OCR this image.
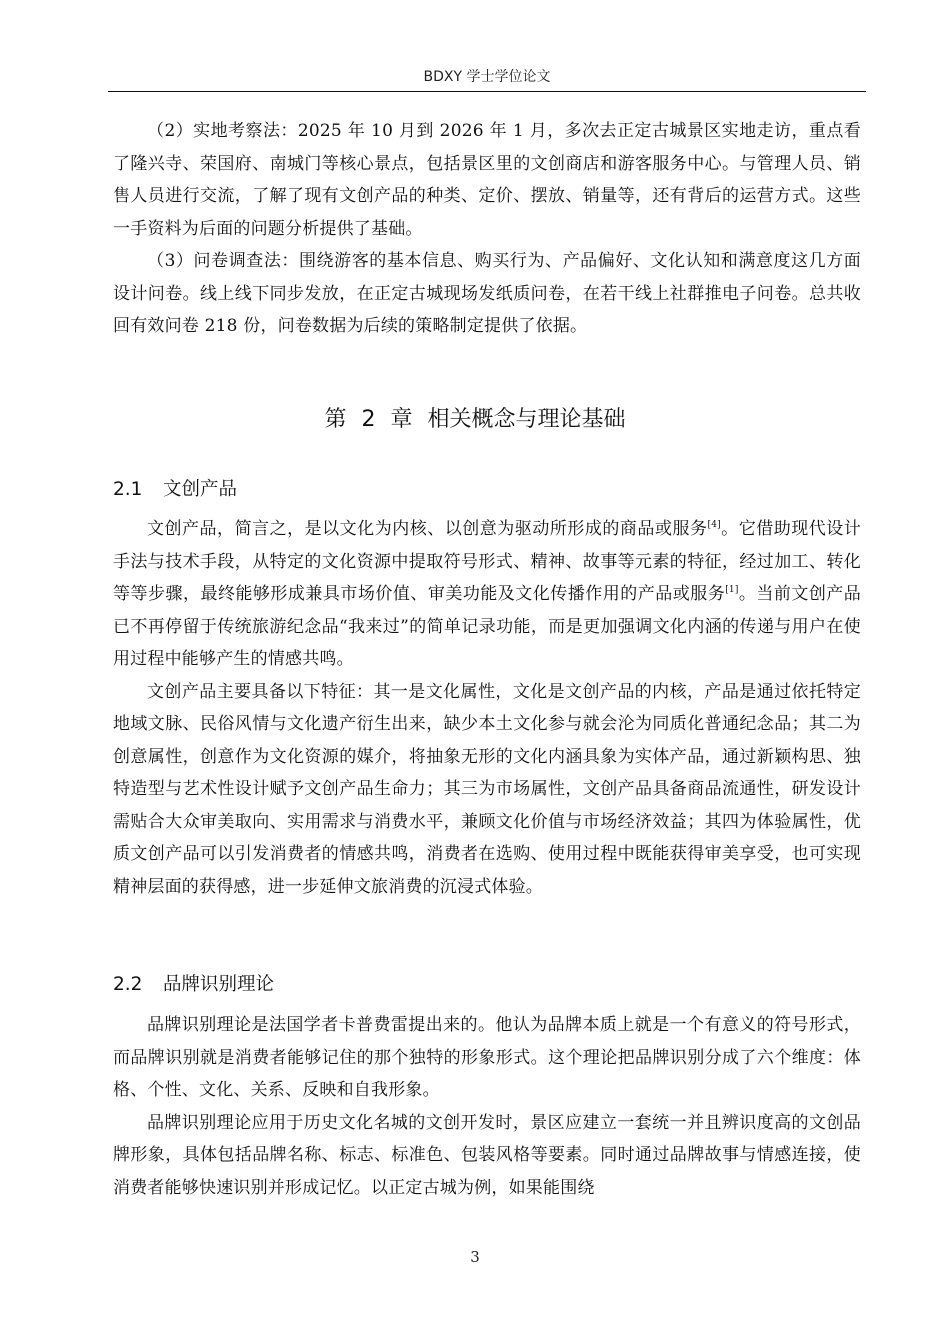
BDXY 学士学位论文

（2）实地考察法：2025 年 10 月到 2026 年 1 月，多次去正定古城景区实地走访，重点看了隆兴寺、荣国府、南城门等核心景点，包括景区里的文创商店和游客服务中心。与管理人员、销售人员进行交流，了解了现有文创产品的种类、定价、摆放、销量等，还有背后的运营方式。这些一手资料为后面的问题分析提供了基础。

（3）问卷调查法：围绕游客的基本信息、购买行为、产品偏好、文化认知和满意度这几方面设计问卷。线上线下同步发放，在正定古城现场发纸质问卷，在若干线上社群推电子问卷。总共收回有效问卷 218 份，问卷数据为后续的策略制定提供了依据。

第 2 章 相关概念与理论基础
2.1 文创产品

文创产品，简言之，是以文化为内核、以创意为驱动所形成的商品或服务[4]。它借助现代设计手法与技术手段，从特定的文化资源中提取符号形式、精神、故事等元素的特征，经过加工、转化等等步骤，最终能够形成兼具市场价值、审美功能及文化传播作用的产品或服务[1]。当前文创产品已不再停留于传统旅游纪念品“我来过”的简单记录功能，而是更加强调文化内涵的传递与用户在使用过程中能够产生的情感共鸣。

文创产品主要具备以下特征：其一是文化属性，文化是文创产品的内核，产品是通过依托特定地域文脉、民俗风情与文化遗产衍生出来，缺少本土文化参与就会沦为同质化普通纪念品；其二为创意属性，创意作为文化资源的媒介，将抽象无形的文化内涵具象为实体产品，通过新颖构思、独特造型与艺术性设计赋予文创产品生命力；其三为市场属性，文创产品具备商品流通性，研发设计需贴合大众审美取向、实用需求与消费水平，兼顾文化价值与市场经济效益；其四为体验属性，优质文创产品可以引发消费者的情感共鸣，消费者在选购、使用过程中既能获得审美享受，也可实现精神层面的获得感，进一步延伸文旅消费的沉浸式体验。

2.2 品牌识别理论

品牌识别理论是法国学者卡普费雷提出来的。他认为品牌本质上就是一个有意义的符号形式，而品牌识别就是消费者能够记住的那个独特的形象形式。这个理论把品牌识别分成了六个维度：体格、个性、文化、关系、反映和自我形象。

品牌识别理论应用于历史文化名城的文创开发时，景区应建立一套统一并且辨识度高的文创品牌形象，具体包括品牌名称、标志、标准色、包装风格等要素。同时通过品牌故事与情感连接，使消费者能够快速识别并形成记忆。以正定古城为例，如果能围绕

3
